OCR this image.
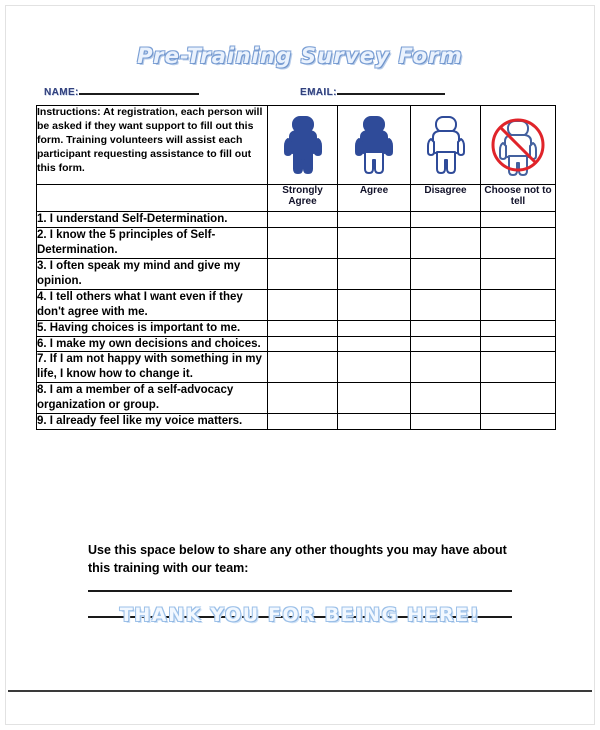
Pre-Training Survey Form
NAME:	EMAIL:
Instructions: At registration, each person will be asked if they want support to fill out this form. Training volunteers will assist each participant requesting assistance to fill out this form.	

	Strongly Agree	Agree	Disagree	Choose not to tell
1. I understand Self-Determination.				
2. I know the 5 principles of Self-Determination.				
3. I often speak my mind and give my opinion.				
4. I tell others what I want even if they don't agree with me.				
5. Having choices is important to me.				
6. I make my own decisions and choices.				
7. If I am not happy with something in my life, I know how to change it.				
8. I am a member of a self-advocacy organization or group.				
9. I already feel like my voice matters.				
Use this space below to share any other thoughts you may have about this training with our team:
THANK YOU FOR BEING HERE!
